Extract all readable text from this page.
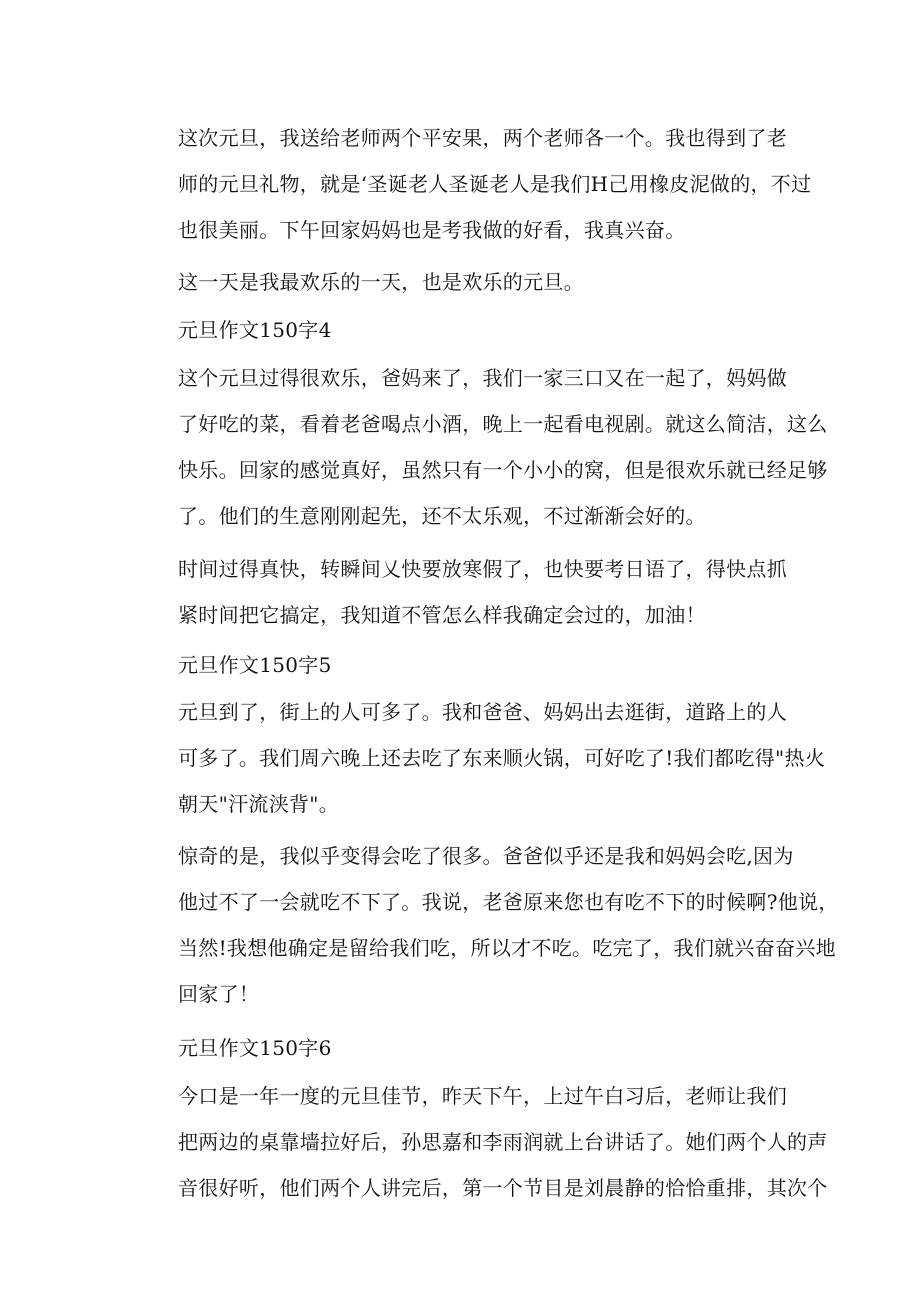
这次元旦，我送给老师两个平安果，两个老师各一个。我也得到了老
师的元旦礼物，就是‘圣诞老人圣诞老人是我们H己用橡皮泥做的，不过
也很美丽。下午回家妈妈也是考我做的好看，我真兴奋。
这一天是我最欢乐的一天，也是欢乐的元旦。
元旦作文150字4
这个元旦过得很欢乐，爸妈来了，我们一家三口又在一起了，妈妈做
了好吃的菜，看着老爸喝点小酒，晚上一起看电视剧。就这么简洁，这么
快乐。回家的感觉真好，虽然只有一个小小的窝，但是很欢乐就已经足够
了。他们的生意刚刚起先，还不太乐观，不过渐渐会好的。
时间过得真快，转瞬间乂快要放寒假了，也快要考日语了，得快点抓
紧时间把它搞定，我知道不管怎么样我确定会过的，加油！
元旦作文150字5
元旦到了，街上的人可多了。我和爸爸、妈妈出去逛街，道路上的人
可多了。我们周六晚上还去吃了东来顺火锅，可好吃了!我们都吃得"热火
朝天"汗流浃背"。
惊奇的是，我似乎变得会吃了很多。爸爸似乎还是我和妈妈会吃,因为
他过不了一会就吃不下了。我说，老爸原来您也有吃不下的时候啊?他说，
当然!我想他确定是留给我们吃，所以才不吃。吃完了，我们就兴奋奋兴地
回家了！
元旦作文150字6
今口是一年一度的元旦佳节，昨天下午，上过午白习后，老师让我们
把两边的桌靠墙拉好后，孙思嘉和李雨润就上台讲话了。她们两个人的声
音很好听，他们两个人讲完后，第一个节目是刘晨静的恰恰重排，其次个
